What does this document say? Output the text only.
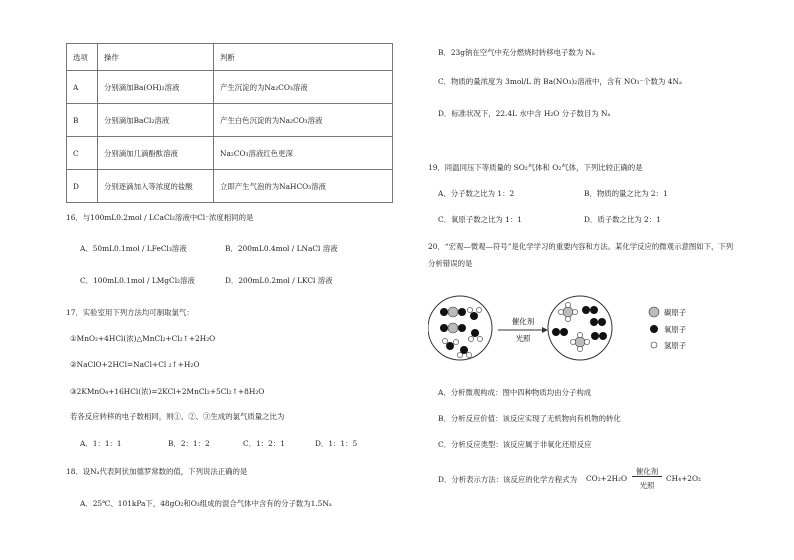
选项	操作	判断
A	分别滴加Ba(OH)₂溶液	产生沉淀的为Na₂CO₃溶液
B	分别滴加BaCl₂溶液	产生白色沉淀的为Na₂CO₃溶液
C	分别滴加几滴酚酞溶液	Na₂CO₃溶液红色更深
D	分别逐滴加入等浓度的盐酸	立即产生气泡的为NaHCO₃溶液
16．与100mL0.2mol / LCaCl₂溶液中Cl⁻浓度相同的是
A．50mL0.1mol / LFeCl₃溶液	B．200mL0.4mol / LNaCl 溶液
C．100mL0.1mol / LMgCl₂溶液	D．200mL0.2mol / LKCl 溶液
17．实验室用下列方法均可制取氯气：
①MnO₂+4HCl(浓)△MnCl₂+Cl₂↑+2H₂O
②NaClO+2HCl=NaCl+Cl ₂↑+H₂O
③2KMnO₄+16HCl(浓)=2KCl+2MnCl₂+5Cl₂↑+8H₂O
若各反应转移的电子数相同，则①、②、③生成的氯气质量之比为
A．1：1：1	B．2：1：2	C．1：2：1	D．1：1：5
18．设Nₐ代表阿伏加德罗常数的值，下列说法正确的是
A．25℃、101kPa下，48gO₂和O₃组成的混合气体中含有的分子数为1.5Nₐ
B．23g钠在空气中充分燃烧时转移电子数为 Nₐ
C．物质的量浓度为 3mol/L 的 Ba(NO₃)₂溶液中，含有 NO₃⁻个数为 4Nₐ
D．标准状况下，22.4L 水中含 H₂O 分子数目为 Nₐ
19．同温同压下等质量的 SO₂气体和 O₂气体，下列比较正确的是
A．分子数之比为 1：2	B．物质的量之比为 2：1
C．氧原子数之比为 1：1	D．质子数之比为 2：1
20．“宏观—微观—符号”是化学学习的重要内容和方法。某化学反应的微观示意图如下，下列
分析错误的是
催化剂
光照
碳原子
氧原子
氢原子
A．分析微观构成：图中四种物质均由分子构成
B．分析反应价值：该反应实现了无机物向有机物的转化
C．分析反应类型：该反应属于非氧化还原反应
D．分析表示方法：该反应的化学方程式为 CO₂+2H₂O
催化剂
光照
CH₄+2O₂
